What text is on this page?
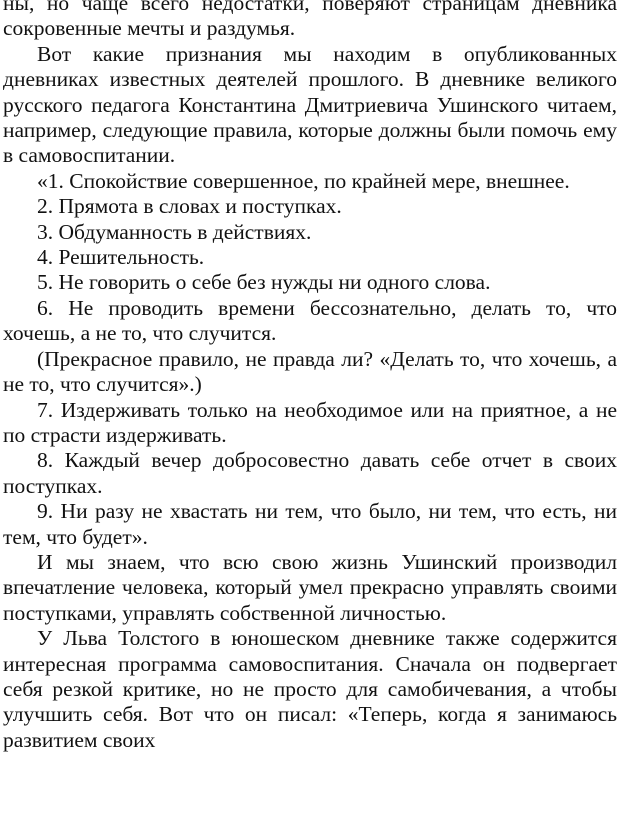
ны, но чаще всего недостатки, поверяют страницам дневника сокровенные мечты и раздумья.

Вот какие признания мы находим в опубликованных дневниках известных деятелей прошлого. В дневнике великого русского педагога Константина Дмитриевича Ушинского читаем, например, следующие правила, которые должны были помочь ему в самовоспитании.

«1. Спокойствие совершенное, по крайней мере, внешнее.

2. Прямота в словах и поступках.

3. Обдуманность в действиях.

4. Решительность.

5. Не говорить о себе без нужды ни одного слова.

6. Не проводить времени бессознательно, делать то, что хочешь, а не то, что случится.

(Прекрасное правило, не правда ли? «Делать то, что хочешь, а не то, что случится».)

7. Издерживать только на необходимое или на приятное, а не по страсти издерживать.

8. Каждый вечер добросовестно давать себе отчет в своих поступках.

9. Ни разу не хвастать ни тем, что было, ни тем, что есть, ни тем, что будет».

И мы знаем, что всю свою жизнь Ушинский производил впечатление человека, который умел прекрасно управлять своими поступками, управлять собственной личностью.

У Льва Толстого в юношеском дневнике также содержится интересная программа самовоспитания. Сначала он подвергает себя резкой критике, но не просто для самобичевания, а чтобы улучшить себя. Вот что он писал: «Теперь, когда я занимаюсь развитием своих
